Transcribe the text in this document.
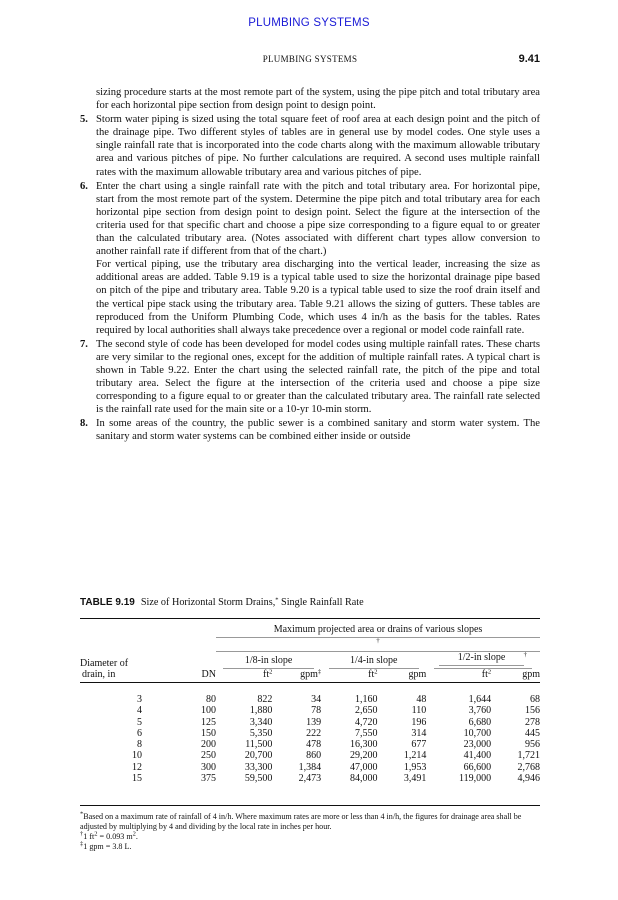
PLUMBING SYSTEMS
PLUMBING SYSTEMS	9.41

sizing procedure starts at the most remote part of the system, using the pipe pitch and total tributary area for each horizontal pipe section from design point to design point.

5. Storm water piping is sized using the total square feet of roof area at each design point and the pitch of the drainage pipe. Two different styles of tables are in general use by model codes. One style uses a single rainfall rate that is incorporated into the code charts along with the maximum allowable tributary area and various pitches of pipe. No further calculations are required. A second uses multiple rainfall rates with the maximum allowable tributary area and various pitches of pipe.

6. Enter the chart using a single rainfall rate with the pitch and total tributary area. For horizontal pipe, start from the most remote part of the system. Determine the pipe pitch and total tributary area for each horizontal pipe section from design point to design point. Select the figure at the intersection of the criteria used for that specific chart and choose a pipe size corresponding to a figure equal to or greater than the calculated tributary area. (Notes associated with different chart types allow conversion to another rainfall rate if different from that of the chart.)

For vertical piping, use the tributary area discharging into the vertical leader, increasing the size as additional areas are added. Table 9.19 is a typical table used to size the horizontal drainage pipe based on pitch of the pipe and tributary area. Table 9.20 is a typical table used to size the roof drain itself and the vertical pipe stack using the tributary area. Table 9.21 allows the sizing of gutters. These tables are reproduced from the Uniform Plumbing Code, which uses 4 in/h as the basis for the tables. Rates required by local authorities shall always take precedence over a regional or model code rainfall rate.

7. The second style of code has been developed for model codes using multiple rainfall rates. These charts are very similar to the regional ones, except for the addition of multiple rainfall rates. A typical chart is shown in Table 9.22. Enter the chart using the selected rainfall rate, the pitch of the pipe and total tributary area. Select the figure at the intersection of the criteria used and choose a pipe size corresponding to a figure equal to or greater than the calculated tributary area. The rainfall rate selected is the rainfall rate used for the main site or a 10-yr 10-min storm.

8. In some areas of the country, the public sewer is a combined sanitary and storm water system. The sanitary and storm water systems can be combined either inside or outside

TABLE 9.19 Size of Horizontal Storm Drains,* Single Rainfall Rate
		Maximum projected area or drains of various slopes†
Diameter of		1/8-in slope		1/4-in slope		1/2-in slope †
drain, in	DN	$ft^2$	gpm‡	$ft^2$	gpm	$ft^2$	gpm
3	80	822	34	1,160	48	1,644	68
4	100	1,880	78	2,650	110	3,760	156
5	125	3,340	139	4,720	196	6,680	278
6	150	5,350	222	7,550	314	10,700	445
8	200	11,500	478	16,300	677	23,000	956
10	250	20,700	860	29,200	1,214	41,400	1,721
12	300	33,300	1,384	47,000	1,953	66,600	2,768
15	375	59,500	2,473	84,000	3,491	119,000	4,946

*Based on a maximum rate of rainfall of 4 in/h. Where maximum rates are more or less than 4 in/h, the figures for drainage area shall be adjusted by multiplying by 4 and dividing by the local rate in inches per hour.

†1 $ft^2 = 0.093$ $m^2$.

‡1 gpm = 3.8 L.
